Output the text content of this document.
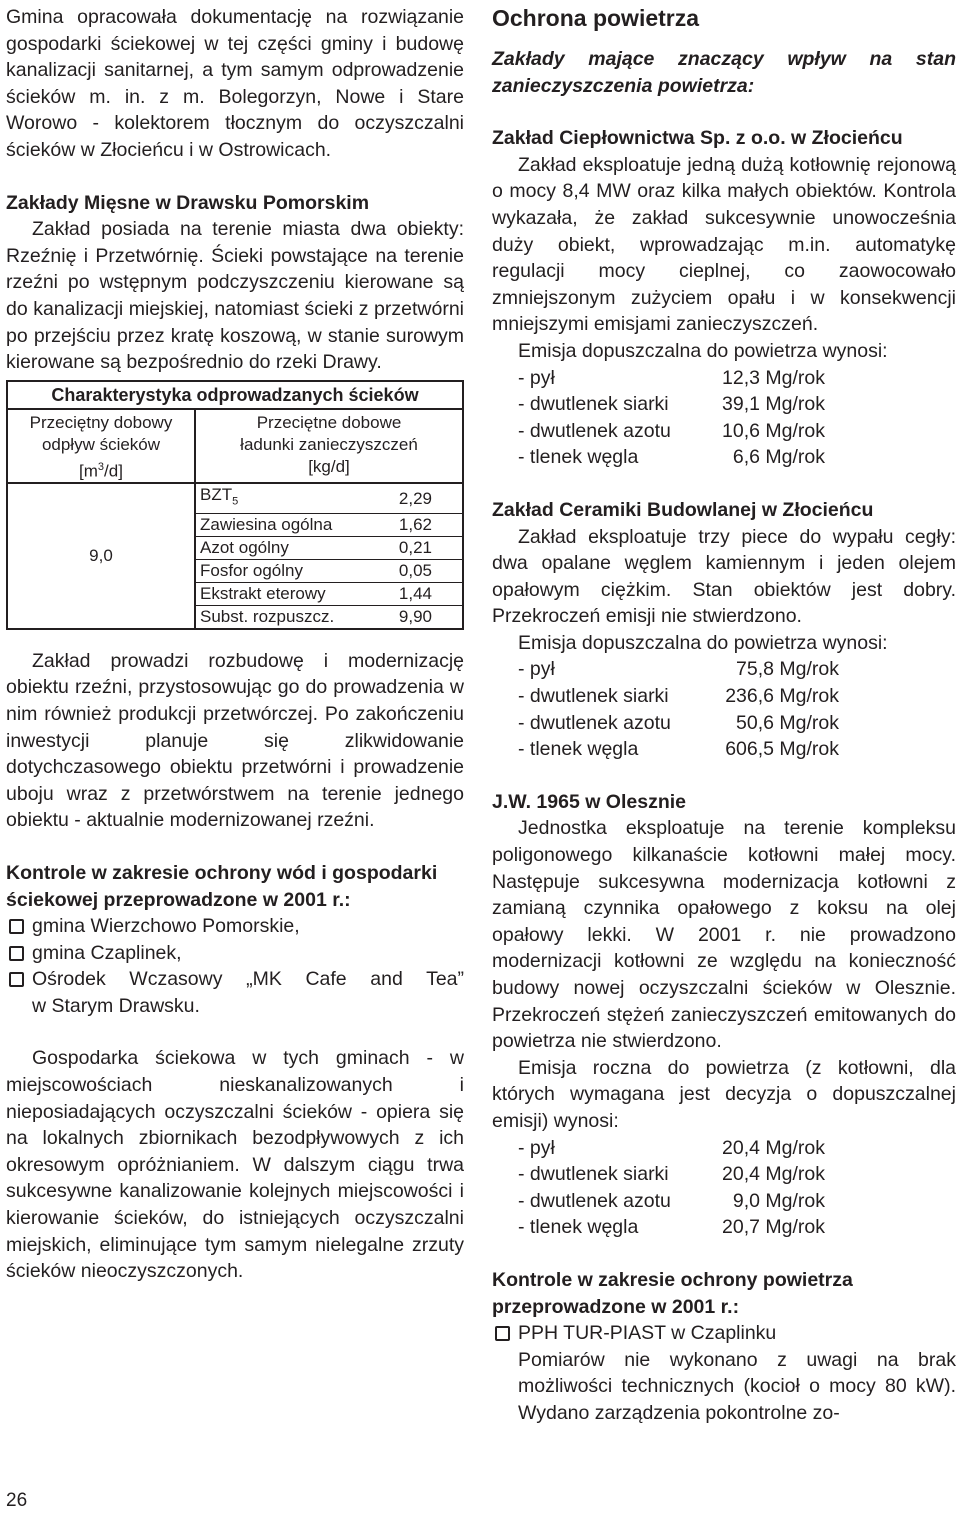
Gmina opracowała dokumentację na rozwiązanie gospodarki ściekowej w tej części gminy i budowę kanalizacji sanitarnej, a tym samym odprowadzenie ścieków m. in. z m. Bolegorzyn, Nowe i Stare Worowo - kolektorem tłocznym do oczyszczalni ścieków w Złocieńcu i w Ostrowicach.

Zakłady Mięsne w Drawsku Pomorskim

Zakład posiada na terenie miasta dwa obiekty: Rzeźnię i Przetwórnię. Ścieki powstające na terenie rzeźni po wstępnym podczyszczeniu kierowane są do kanalizacji miejskiej, natomiast ścieki z przetwórni po przejściu przez kratę koszową, w stanie surowym kierowane są bezpośrednio do rzeki Drawy.

Charakterystyka odprowadzanych ścieków

Przeciętny dobowy
odpływ ścieków
$[m^3/d]$

Przeciętne dobowe
ładunki zanieczyszczeń
[kg/d]

9,0	
$BZT_5$	2,29
Zawiesina ogólna	1,62
Azot ogólny	0,21
Fosfor ogólny	0,05
Ekstrakt eterowy	1,44
Subst. rozpuszcz.	9,90

Zakład prowadzi rozbudowę i modernizację obiektu rzeźni, przystosowując go do prowadzenia w nim również produkcji przetwórczej. Po zakończeniu inwestycji planuje się zlikwidowanie dotychczasowego obiektu przetwórni i prowadzenie uboju wraz z przetwórstwem na terenie jednego obiektu - aktualnie modernizowanej rzeźni.

Kontrole w zakresie ochrony wód i gospodarki ściekowej przeprowadzone w 2001 r.:
gmina Wierzchowo Pomorskie,
gmina Czaplinek,
Ośrodek Wczasowy „MK Cafe and Tea”
w Starym Drawsku.

Gospodarka ściekowa w tych gminach - w miejscowościach nieskanalizowanych i nieposiadających oczyszczalni ścieków - opiera się na lokalnych zbiornikach bezodpływowych z ich okresowym opróżnianiem. W dalszym ciągu trwa sukcesywne kanalizowanie kolejnych miejscowości i kierowanie ścieków, do istniejących oczyszczalni miejskich, eliminujące tym samym nielegalne zrzuty ścieków nieoczyszczonych.

Ochrona powietrza

Zakłady mające znaczący wpływ na stan zanieczyszczenia powietrza:

Zakład Ciepłownictwa Sp. z o.o. w Złocieńcu

Zakład eksploatuje jedną dużą kotłownię rejonową o mocy 8,4 MW oraz kilka małych obiektów. Kontrola wykazała, że zakład sukcesywnie unowocześnia duży obiekt, wprowadzając m.in. automatykę regulacji mocy cieplnej, co zaowocowało zmniejszonym zużyciem opału i w konsekwencji mniejszymi emisjami zanieczyszczeń.

Emisja dopuszczalna do powietrza wynosi:

- pył	12,3 Mg/rok
- dwutlenek siarki	39,1 Mg/rok
- dwutlenek azotu	10,6 Mg/rok
- tlenek węgla	6,6 Mg/rok
Zakład Ceramiki Budowlanej w Złocieńcu

Zakład eksploatuje trzy piece do wypału cegły: dwa opalane węglem kamiennym i jeden olejem opałowym ciężkim. Stan obiektów jest dobry. Przekroczeń emisji nie stwierdzono.

Emisja dopuszczalna do powietrza wynosi:

- pył	75,8 Mg/rok
- dwutlenek siarki	236,6 Mg/rok
- dwutlenek azotu	50,6 Mg/rok
- tlenek węgla	606,5 Mg/rok
J.W. 1965 w Olesznie

Jednostka eksploatuje na terenie kompleksu poligonowego kilkanaście kotłowni małej mocy. Następuje sukcesywna modernizacja kotłowni z zamianą czynnika opałowego z koksu na olej opałowy lekki. W 2001 r. nie prowadzono modernizacji kotłowni ze względu na konieczność budowy nowej oczyszczalni ścieków w Olesznie. Przekroczeń stężeń zanieczyszczeń emitowanych do powietrza nie stwierdzono.

Emisja roczna do powietrza (z kotłowni, dla których wymagana jest decyzja o dopuszczalnej emisji) wynosi:

- pył	20,4 Mg/rok
- dwutlenek siarki	20,4 Mg/rok
- dwutlenek azotu	9,0 Mg/rok
- tlenek węgla	20,7 Mg/rok
Kontrole w zakresie ochrony powietrza przeprowadzone w 2001 r.:
PPH TUR-PIAST w Czaplinku

Pomiarów nie wykonano z uwagi na brak możliwości technicznych (kocioł o mocy 80 kW). Wydano zarządzenia pokontrolne zo-

26
